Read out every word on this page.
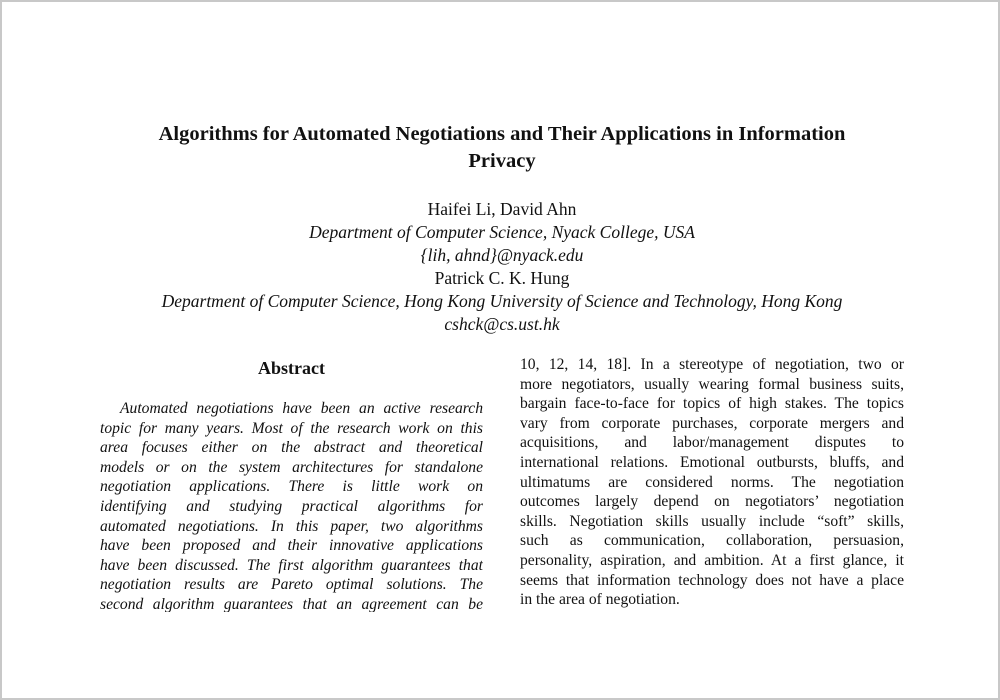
Algorithms for Automated Negotiations and Their Applications in Information
Privacy
Haifei Li, David Ahn
Department of Computer Science, Nyack College, USA
{lih, ahnd}@nyack.edu
Patrick C. K. Hung
Department of Computer Science, Hong Kong University of Science and Technology, Hong Kong
cshck@cs.ust.hk
Abstract
Automated negotiations have been an active research
topic for many years. Most of the research work on this
area focuses either on the abstract and theoretical
models or on the system architectures for standalone
negotiation applications. There is little work on
identifying and studying practical algorithms for
automated negotiations. In this paper, two algorithms
have been proposed and their innovative applications
have been discussed. The first algorithm guarantees that
negotiation results are Pareto optimal solutions. The
second algorithm guarantees that an agreement can be
10, 12, 14, 18]. In a stereotype of negotiation, two or
more negotiators, usually wearing formal business suits,
bargain face-to-face for topics of high stakes. The topics
vary from corporate purchases, corporate mergers and
acquisitions, and labor/management disputes to
international relations. Emotional outbursts, bluffs, and
ultimatums are considered norms. The negotiation
outcomes largely depend on negotiators’ negotiation
skills. Negotiation skills usually include “soft” skills,
such as communication, collaboration, persuasion,
personality, aspiration, and ambition. At a first glance, it
seems that information technology does not have a place
in the area of negotiation.
